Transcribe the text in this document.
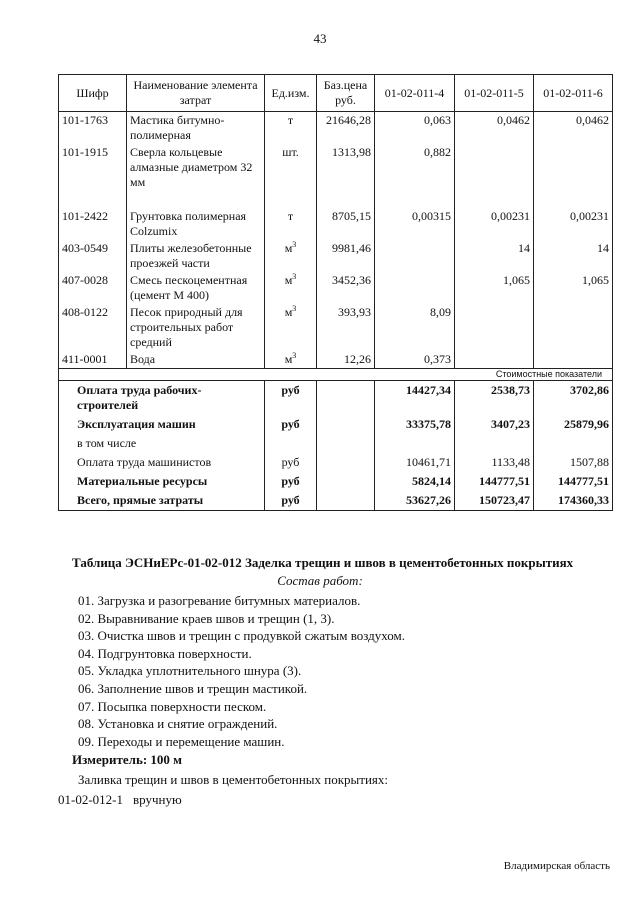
43
Шифр	Наименование элемента затрат	Ед.изм.	Баз.цена руб.	01-02-011-4	01-02-011-5	01-02-011-6
101-1763	Мастика битумно-полимерная	т	21646,28	0,063	0,0462	0,0462
101-1915	Сверла кольцевые алмазные диаметром 32 мм	шт.	1313,98	0,882		
101-2422	Грунтовка полимерная Colzumix	т	8705,15	0,00315	0,00231	0,00231
403-0549	Плиты железобетонные проезжей части	$м^3$	9981,46		14	14
407-0028	Смесь пескоцементная (цемент М 400)	$м^3$	3452,36		1,065	1,065
408-0122	Песок природный для строительных работ средний	$м^3$	393,93	8,09		
411-0001	Вода	$м^3$	12,26	0,373		
Стоимостные показатели						
Оплата труда рабочих-строителей		руб		14427,34	2538,73	3702,86
Эксплуатация машин		руб		33375,78	3407,23	25879,96
в том числе						
Оплата труда машинистов		руб		10461,71	1133,48	1507,88
Материальные ресурсы		руб		5824,14	144777,51	144777,51
Всего, прямые затраты		руб		53627,26	150723,47	174360,33
Таблица ЭСНиЕРс-01-02-012 Заделка трещин и швов в цементобетонных покрытиях
Состав работ:
01. Загрузка и разогревание битумных материалов.
02. Выравнивание краев швов и трещин (1, 3).
03. Очистка швов и трещин с продувкой сжатым воздухом.
04. Подгрунтовка поверхности.
05. Укладка уплотнительного шнура (3).
06. Заполнение швов и трещин мастикой.
07. Посыпка поверхности песком.
08. Установка и снятие ограждений.
09. Переходы и перемещение машин.
Измеритель: 100 м
Заливка трещин и швов в цементобетонных покрытиях:
01-02-012-1 вручную
Владимирская область
